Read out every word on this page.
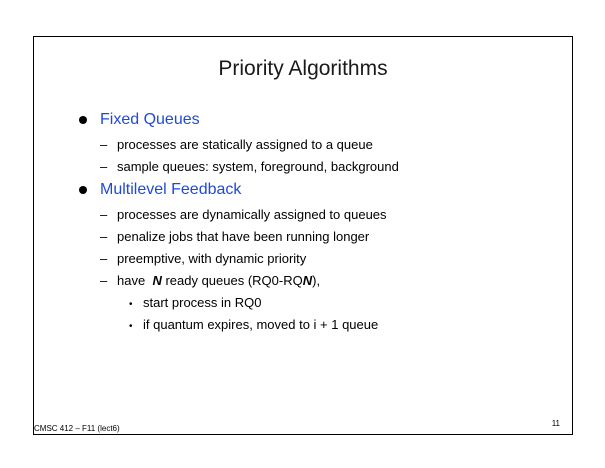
Priority Algorithms
Fixed Queues
– processes are statically assigned to a queue
– sample queues: system, foreground, background
Multilevel Feedback
– processes are dynamically assigned to queues
– penalize jobs that have been running longer
– preemptive, with dynamic priority
– have N ready queues (RQ0-RQN),
• start process in RQ0
• if quantum expires, moved to i + 1 queue
CMSC 412 – F11 (lect6)
11
